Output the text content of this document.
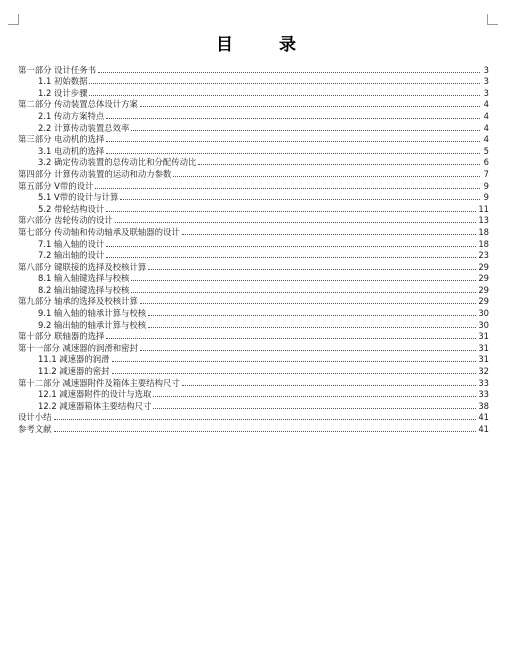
目 录
第一部分 设计任务书	3
1.1 初始数据	3
1.2 设计步骤	3
第二部分 传动装置总体设计方案	4
2.1 传动方案特点	4
2.2 计算传动装置总效率	4
第三部分 电动机的选择	4
3.1 电动机的选择	5
3.2 确定传动装置的总传动比和分配传动比	6
第四部分 计算传动装置的运动和动力参数	7
第五部分 V带的设计	9
5.1 V带的设计与计算	9
5.2 带轮结构设计	11
第六部分 齿轮传动的设计	13
第七部分 传动轴和传动轴承及联轴器的设计	18
7.1 输入轴的设计	18
7.2 输出轴的设计	23
第八部分 键联接的选择及校核计算	29
8.1 输入轴键选择与校核	29
8.2 输出轴键选择与校核	29
第九部分 轴承的选择及校核计算	29
9.1 输入轴的轴承计算与校核	30
9.2 输出轴的轴承计算与校核	30
第十部分 联轴器的选择	31
第十一部分 减速器的润滑和密封	31
11.1 减速器的润滑	31
11.2 减速器的密封	32
第十二部分 减速器附件及箱体主要结构尺寸	33
12.1 减速器附件的设计与选取	33
12.2 减速器箱体主要结构尺寸	38
设计小结	41
参考文献	41
